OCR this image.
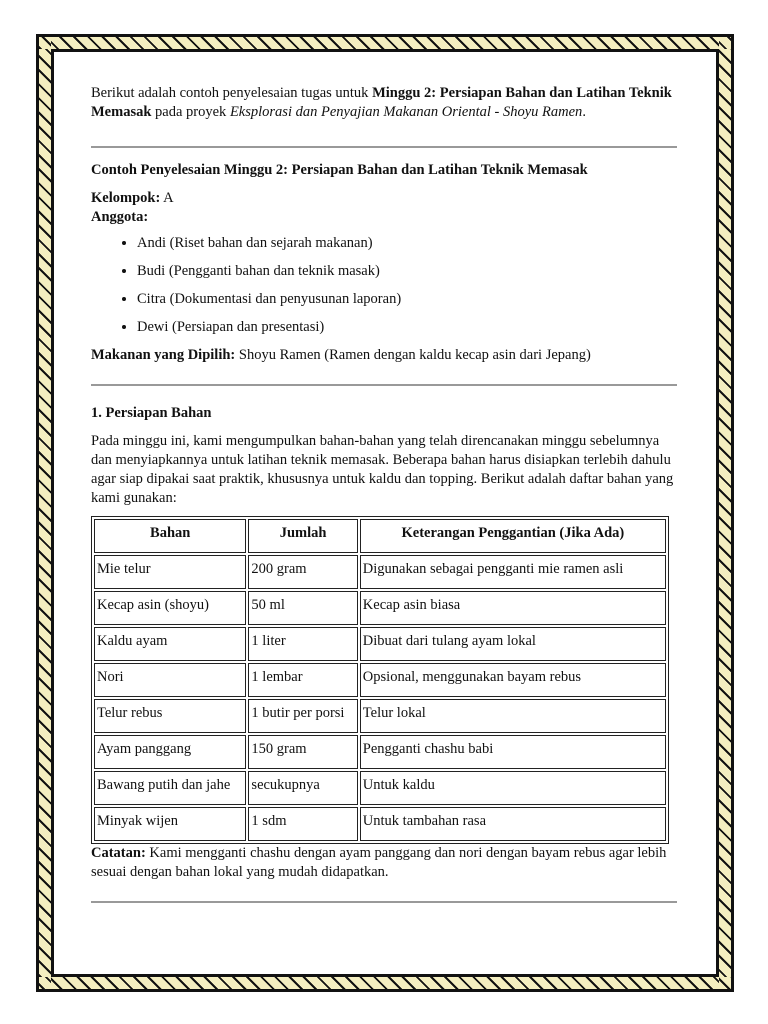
Berikut adalah contoh penyelesaian tugas untuk Minggu 2: Persiapan Bahan dan Latihan Teknik Memasak pada proyek Eksplorasi dan Penyajian Makanan Oriental - Shoyu Ramen.

Contoh Penyelesaian Minggu 2: Persiapan Bahan dan Latihan Teknik Memasak

Kelompok: A

Anggota:

• Andi (Riset bahan dan sejarah makanan)
• Budi (Pengganti bahan dan teknik masak)
• Citra (Dokumentasi dan penyusunan laporan)
• Dewi (Persiapan dan presentasi)

Makanan yang Dipilih: Shoyu Ramen (Ramen dengan kaldu kecap asin dari Jepang)

1. Persiapan Bahan

Pada minggu ini, kami mengumpulkan bahan-bahan yang telah direncanakan minggu sebelumnya dan menyiapkannya untuk latihan teknik memasak. Beberapa bahan harus disiapkan terlebih dahulu agar siap dipakai saat praktik, khususnya untuk kaldu dan topping. Berikut adalah daftar bahan yang kami gunakan:

Bahan	Jumlah	Keterangan Penggantian (Jika Ada)
Mie telur	200 gram	Digunakan sebagai pengganti mie ramen asli
Kecap asin (shoyu)	50 ml	Kecap asin biasa
Kaldu ayam	1 liter	Dibuat dari tulang ayam lokal
Nori	1 lembar	Opsional, menggunakan bayam rebus
Telur rebus	1 butir per porsi	Telur lokal
Ayam panggang	150 gram	Pengganti chashu babi
Bawang putih dan jahe	secukupnya	Untuk kaldu
Minyak wijen	1 sdm	Untuk tambahan rasa

Catatan: Kami mengganti chashu dengan ayam panggang dan nori dengan bayam rebus agar lebih sesuai dengan bahan lokal yang mudah didapatkan.
